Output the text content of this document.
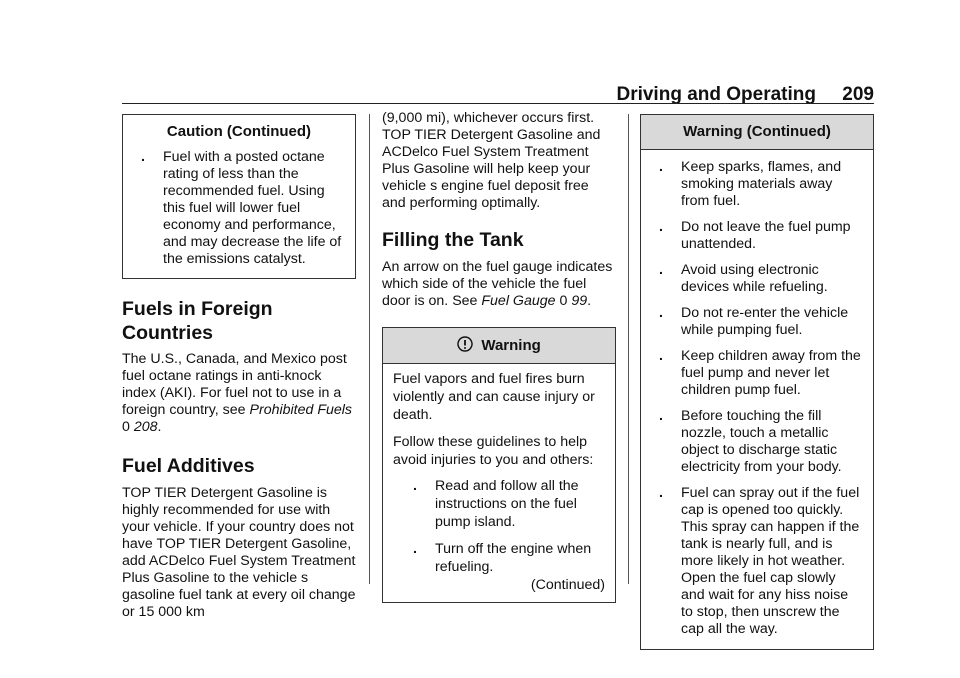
Driving and Operating 209
Caution (Continued)
. Fuel with a posted octane rating of less than the recommended fuel. Using this fuel will lower fuel economy and performance, and may decrease the life of the emissions catalyst.
Fuels in Foreign Countries
The U.S., Canada, and Mexico post fuel octane ratings in anti-knock index (AKI). For fuel not to use in a foreign country, see Prohibited Fuels 0 208.
Fuel Additives
TOP TIER Detergent Gasoline is highly recommended for use with your vehicle. If your country does not have TOP TIER Detergent Gasoline, add ACDelco Fuel System Treatment Plus Gasoline to the vehicle s gasoline fuel tank at every oil change or 15 000 km
(9,000 mi), whichever occurs first. TOP TIER Detergent Gasoline and ACDelco Fuel System Treatment Plus Gasoline will help keep your vehicle s engine fuel deposit free and performing optimally.
Filling the Tank
An arrow on the fuel gauge indicates which side of the vehicle the fuel door is on. See Fuel Gauge 0 99.
Warning
Fuel vapors and fuel fires burn violently and can cause injury or death.
Follow these guidelines to help avoid injuries to you and others:
. Read and follow all the instructions on the fuel pump island.
. Turn off the engine when refueling.
(Continued)
Warning (Continued)
. Keep sparks, flames, and smoking materials away from fuel.
. Do not leave the fuel pump unattended.
. Avoid using electronic devices while refueling.
. Do not re-enter the vehicle while pumping fuel.
. Keep children away from the fuel pump and never let children pump fuel.
. Before touching the fill nozzle, touch a metallic object to discharge static electricity from your body.
. Fuel can spray out if the fuel cap is opened too quickly. This spray can happen if the tank is nearly full, and is more likely in hot weather. Open the fuel cap slowly and wait for any hiss noise to stop, then unscrew the cap all the way.
